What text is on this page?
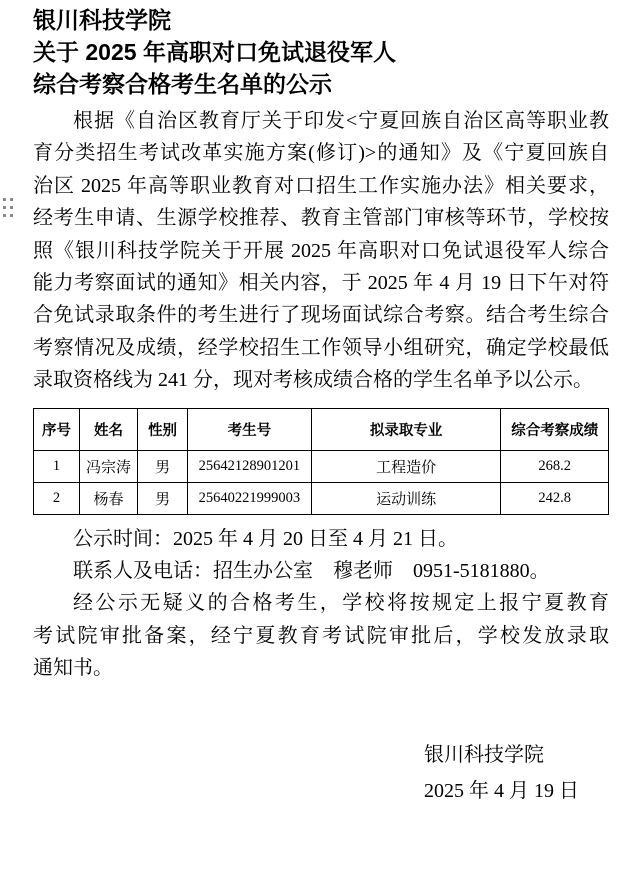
银川科技学院
关于 2025 年高职对口免试退役军人
综合考察合格考生名单的公示
根据《自治区教育厅关于印发<宁夏回族自治区高等职业教
育分类招生考试改革实施方案(修订)>的通知》及《宁夏回族自
治区 2025 年高等职业教育对口招生工作实施办法》相关要求，
经考生申请、生源学校推荐、教育主管部门审核等环节，学校按
照《银川科技学院关于开展 2025 年高职对口免试退役军人综合
能力考察面试的通知》相关内容，于 2025 年 4 月 19 日下午对符
合免试录取条件的考生进行了现场面试综合考察。结合考生综合
考察情况及成绩，经学校招生工作领导小组研究，确定学校最低
录取资格线为 241 分，现对考核成绩合格的学生名单予以公示。
序号	姓名	性别	考生号	拟录取专业	综合考察成绩
1	冯宗涛	男	25642128901201	工程造价	268.2
2	杨春	男	25640221999003	运动训练	242.8
公示时间：2025 年 4 月 20 日至 4 月 21 日。
联系人及电话：招生办公室　穆老师　0951-5181880。
经公示无疑义的合格考生，学校将按规定上报宁夏教育
考试院审批备案，经宁夏教育考试院审批后，学校发放录取
通知书。
银川科技学院
2025 年 4 月 19 日
